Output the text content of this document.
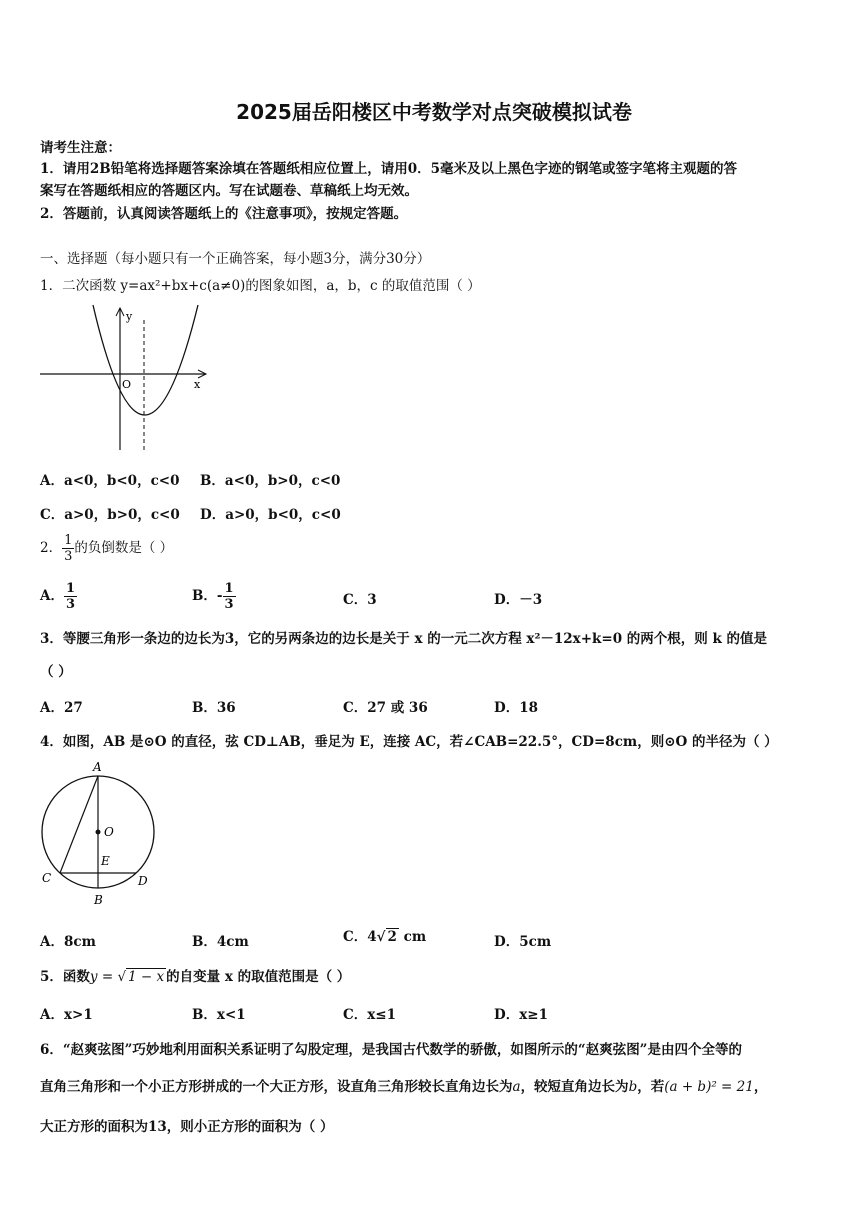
2025届岳阳楼区中考数学对点突破模拟试卷
请考生注意：
1．请用2B铅笔将选择题答案涂填在答题纸相应位置上，请用0．5毫米及以上黑色字迹的钢笔或签字笔将主观题的答
案写在答题纸相应的答题区内。写在试题卷、草稿纸上均无效。
2．答题前，认真阅读答题纸上的《注意事项》，按规定答题。
一、选择题（每小题只有一个正确答案，每小题3分，满分30分）
1．二次函数 y=ax²+bx+c(a≠0)的图象如图，a，b，c 的取值范围（ ）
y
x
O
A．a<0，b<0，c<0 B．a<0，b>0，c<0
C．a>0，b>0，c<0 D．a>0，b<0，c<0
2． $\frac{1}{3}$ 的负倒数是（ ）
A． $\frac{1}{3}$	B．- $\frac{1}{3}$	C．3	D．－3
3．等腰三角形一条边的边长为3，它的另两条边的边长是关于 x 的一元二次方程 x²－12x+k=0 的两个根，则 k 的值是
（ ）
A．27	B．36	C．27 或 36	D．18
4．如图，AB 是⊙O 的直径，弦 CD⊥AB，垂足为 E，连接 AC，若∠CAB=22.5°，CD=8cm，则⊙O 的半径为（ ）
A
O
E
C	D
B
A．8cm	B．4cm	C．4√ 2 cm	D．5cm
5．函数y = √ 1 − x 的自变量 x 的取值范围是（ ）
A．x>1	B．x<1	C．x≤1	D．x≥1
6．“赵爽弦图”巧妙地利用面积关系证明了勾股定理，是我国古代数学的骄傲，如图所示的“赵爽弦图”是由四个全等的
直角三角形和一个小正方形拼成的一个大正方形，设直角三角形较长直角边长为a，较短直角边长为b，若(a + b)² = 21，
大正方形的面积为13，则小正方形的面积为（ ）
